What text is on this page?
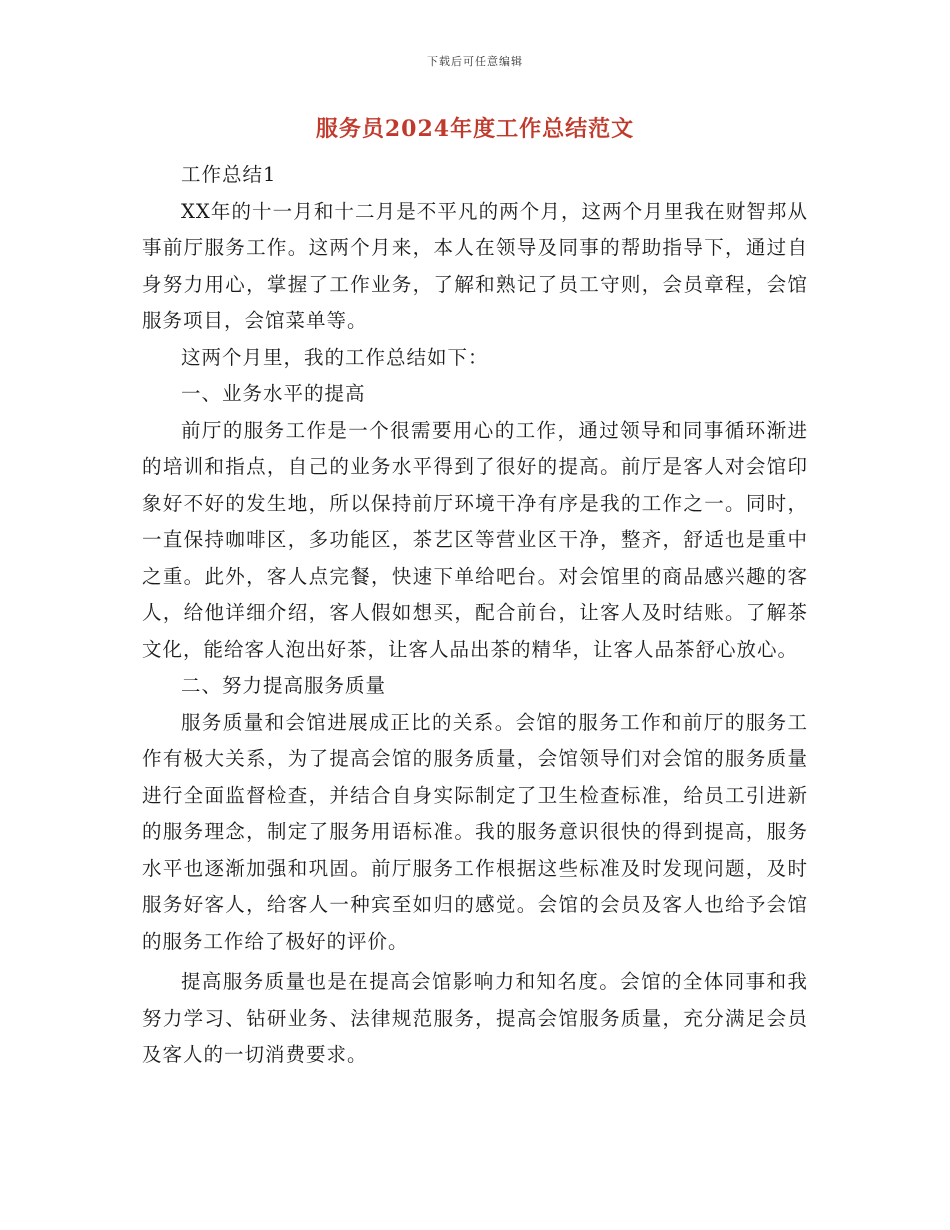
下载后可任意编辑
服务员2024年度工作总结范文

工作总结1

XX年的十一月和十二月是不平凡的两个月，这两个月里我在财智邦从事前厅服务工作。这两个月来，本人在领导及同事的帮助指导下，通过自身努力用心，掌握了工作业务，了解和熟记了员工守则，会员章程，会馆服务项目，会馆菜单等。

这两个月里，我的工作总结如下：

一、业务水平的提高

前厅的服务工作是一个很需要用心的工作，通过领导和同事循环渐进的培训和指点，自己的业务水平得到了很好的提高。前厅是客人对会馆印象好不好的发生地，所以保持前厅环境干净有序是我的工作之一。同时，一直保持咖啡区，多功能区，茶艺区等营业区干净，整齐，舒适也是重中之重。此外，客人点完餐，快速下单给吧台。对会馆里的商品感兴趣的客人，给他详细介绍，客人假如想买，配合前台，让客人及时结账。了解茶文化，能给客人泡出好茶，让客人品出茶的精华，让客人品茶舒心放心。

二、努力提高服务质量

服务质量和会馆进展成正比的关系。会馆的服务工作和前厅的服务工作有极大关系，为了提高会馆的服务质量，会馆领导们对会馆的服务质量进行全面监督检查，并结合自身实际制定了卫生检查标准，给员工引进新的服务理念，制定了服务用语标准。我的服务意识很快的得到提高，服务水平也逐渐加强和巩固。前厅服务工作根据这些标准及时发现问题，及时服务好客人，给客人一种宾至如归的感觉。会馆的会员及客人也给予会馆的服务工作给了极好的评价。

提高服务质量也是在提高会馆影响力和知名度。会馆的全体同事和我努力学习、钻研业务、法律规范服务，提高会馆服务质量，充分满足会员及客人的一切消费要求。
